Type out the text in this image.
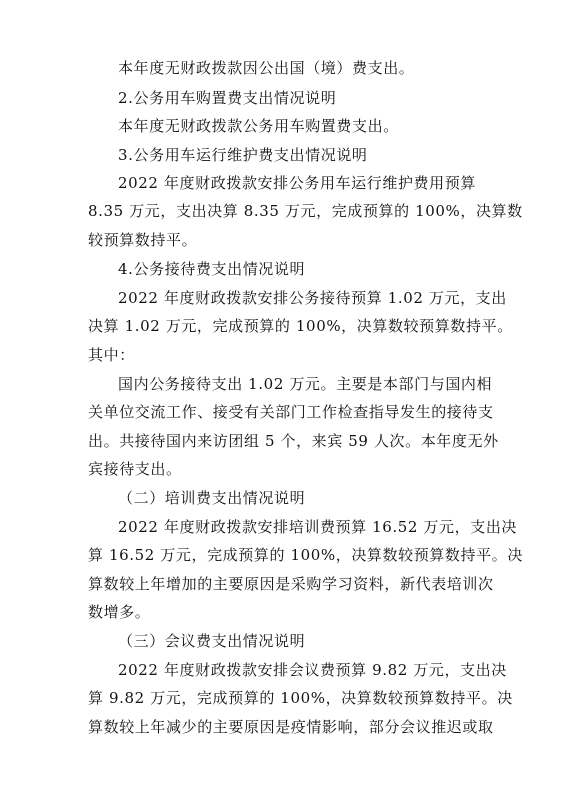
本年度无财政拨款因公出国（境）费支出。
2.公务用车购置费支出情况说明
本年度无财政拨款公务用车购置费支出。
3.公务用车运行维护费支出情况说明
2022 年度财政拨款安排公务用车运行维护费用预算
8.35 万元，支出决算 8.35 万元，完成预算的 100%，决算数
较预算数持平。
4.公务接待费支出情况说明
2022 年度财政拨款安排公务接待预算 1.02 万元，支出
决算 1.02 万元，完成预算的 100%，决算数较预算数持平。
其中：
国内公务接待支出 1.02 万元。主要是本部门与国内相
关单位交流工作、接受有关部门工作检查指导发生的接待支
出。共接待国内来访团组 5 个，来宾 59 人次。本年度无外
宾接待支出。
（二）培训费支出情况说明
2022 年度财政拨款安排培训费预算 16.52 万元，支出决
算 16.52 万元，完成预算的 100%，决算数较预算数持平。决
算数较上年增加的主要原因是采购学习资料，新代表培训次
数增多。
（三）会议费支出情况说明
2022 年度财政拨款安排会议费预算 9.82 万元，支出决
算 9.82 万元，完成预算的 100%，决算数较预算数持平。决
算数较上年减少的主要原因是疫情影响，部分会议推迟或取
